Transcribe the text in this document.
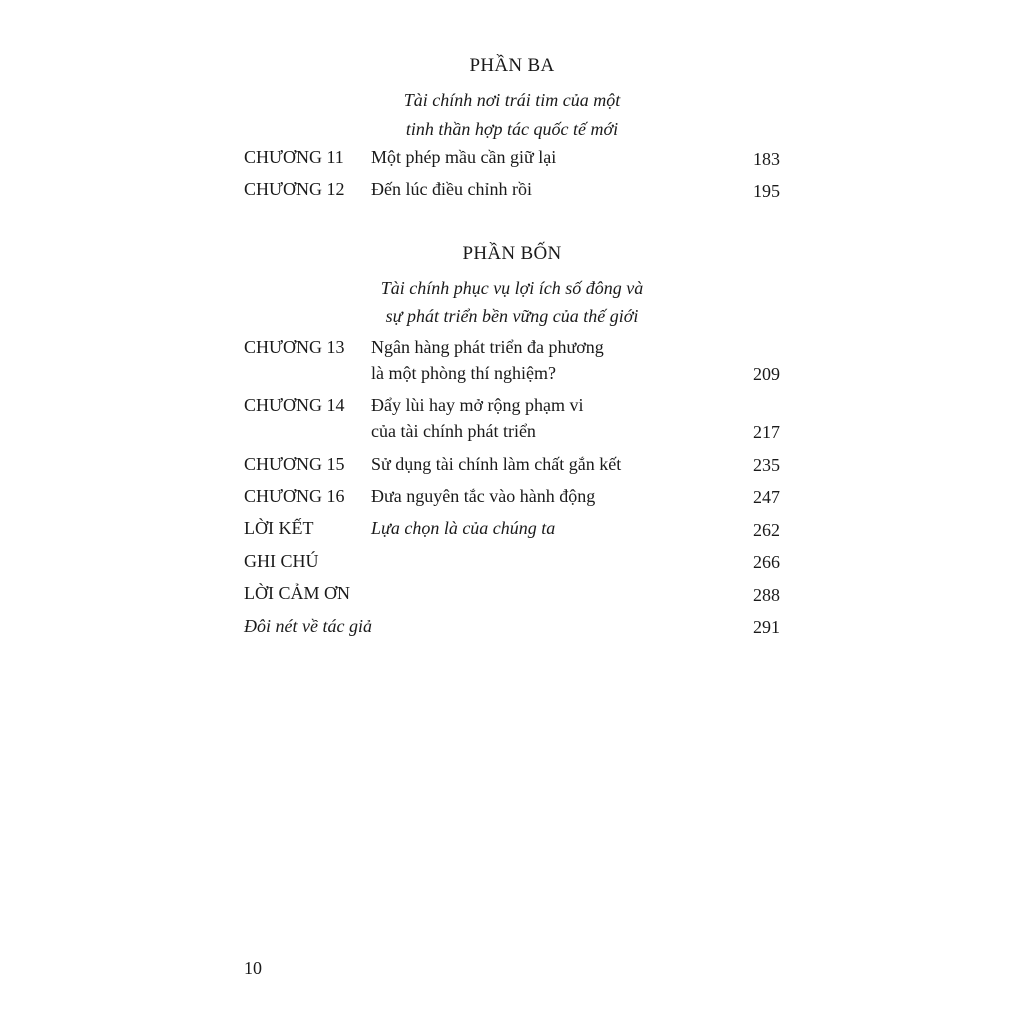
PHẦN BA
Tài chính nơi trái tim của một
tinh thần hợp tác quốc tế mới
CHƯƠNG 11 Một phép mầu cần giữ lại	183
CHƯƠNG 12 Đến lúc điều chỉnh rồi	195
PHẦN BỐN
Tài chính phục vụ lợi ích số đông và
sự phát triển bền vững của thế giới
CHƯƠNG 13 Ngân hàng phát triển đa phương
là một phòng thí nghiệm?	209
CHƯƠNG 14 Đẩy lùi hay mở rộng phạm vi
của tài chính phát triển	217
CHƯƠNG 15 Sử dụng tài chính làm chất gắn kết	235
CHƯƠNG 16 Đưa nguyên tắc vào hành động	247
LỜI KẾT	Lựa chọn là của chúng ta	262
GHI CHÚ	266
LỜI CẢM ƠN	288
Đôi nét về tác giả	291
10
